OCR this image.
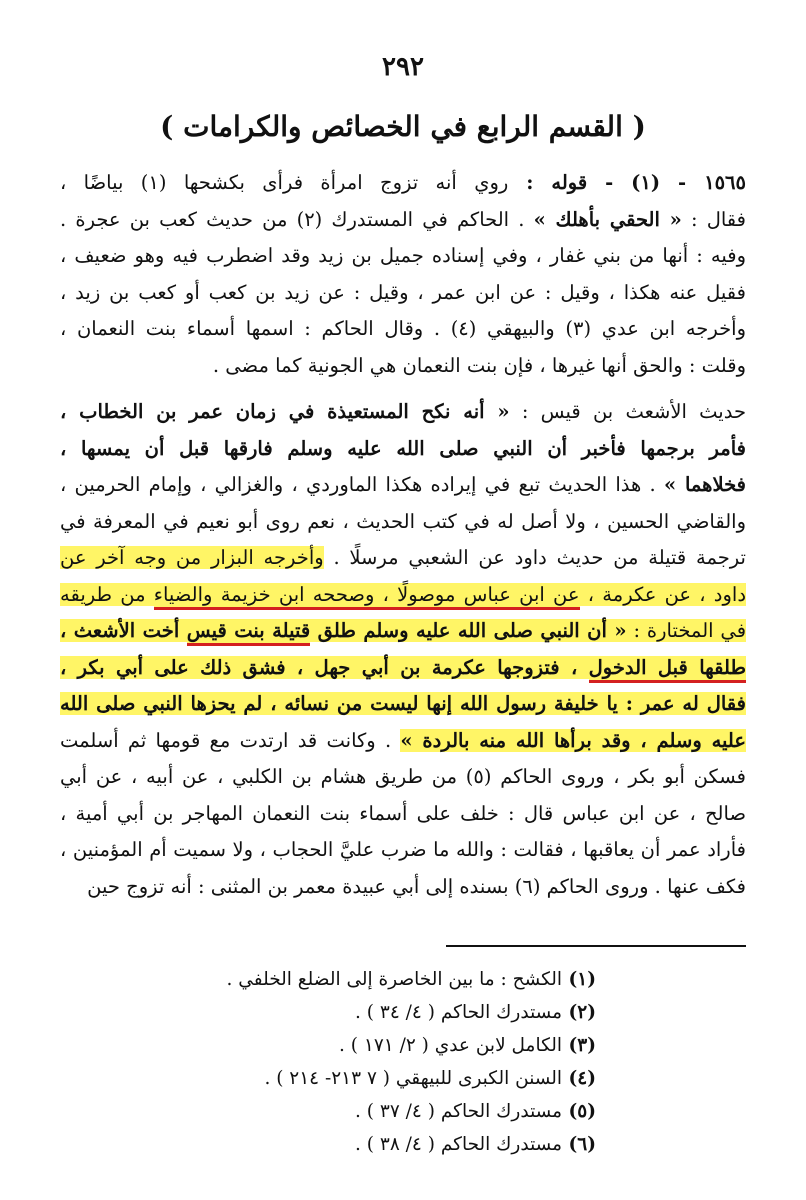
٢٩٢
( القسم الرابع في الخصائص والكرامات )
١٥٦٥ - (١) - قوله : روي أنه تزوج امرأة فرأى بكشحها (١) بياضًا ،
فقال : « الحقي بأهلك » . الحاكم في المستدرك (٢) من حديث كعب بن عجرة .
وفيه : أنها من بني غفار ، وفي إسناده جميل بن زيد وقد اضطرب فيه وهو ضعيف ،
فقيل عنه هكذا ، وقيل : عن ابن عمر ، وقيل : عن زيد بن كعب أو كعب بن زيد ،
وأخرجه ابن عدي (٣) والبيهقي (٤) . وقال الحاكم : اسمها أسماء بنت النعمان ،
وقلت : والحق أنها غيرها ، فإن بنت النعمان هي الجونية كما مضى .
حديث الأشعث بن قيس : « أنه نكح المستعيذة في زمان عمر بن الخطاب ،
فأمر برجمها فأخبر أن النبي صلى الله عليه وسلم فارقها قبل أن يمسها ،
فخلاهما » . هذا الحديث تبع في إيراده هكذا الماوردي ، والغزالي ، وإمام الحرمين ،
والقاضي الحسين ، ولا أصل له في كتب الحديث ، نعم روى أبو نعيم في المعرفة في
ترجمة قتيلة من حديث داود عن الشعبي مرسلًا . وأخرجه البزار من وجه آخر عن
داود ، عن عكرمة ، عن ابن عباس موصولًا ، وصححه ابن خزيمة والضياء من طريقه
في المختارة : « أن النبي صلى الله عليه وسلم طلق قتيلة بنت قيس أخت الأشعث ،
طلقها قبل الدخول ، فتزوجها عكرمة بن أبي جهل ، فشق ذلك على أبي بكر ،
فقال له عمر : يا خليفة رسول الله إنها ليست من نسائه ، لم يحزها النبي صلى الله
عليه وسلم ، وقد برأها الله منه بالردة » . وكانت قد ارتدت مع قومها ثم أسلمت
فسكن أبو بكر ، وروى الحاكم (٥) من طريق هشام بن الكلبي ، عن أبيه ، عن أبي
صالح ، عن ابن عباس قال : خلف على أسماء بنت النعمان المهاجر بن أبي أمية ،
فأراد عمر أن يعاقبها ، فقالت : والله ما ضرب عليَّ الحجاب ، ولا سميت أم المؤمنين ،
فكف عنها . وروى الحاكم (٦) بسنده إلى أبي عبيدة معمر بن المثنى : أنه تزوج حين
(١) الكشح : ما بين الخاصرة إلى الضلع الخلفي .
(٢) مستدرك الحاكم ( ٤/ ٣٤ ) .
(٣) الكامل لابن عدي ( ٢/ ١٧١ ) .
(٤) السنن الكبرى للبيهقي ( ٧ ٢١٣- ٢١٤ ) .
(٥) مستدرك الحاكم ( ٤/ ٣٧ ) .
(٦) مستدرك الحاكم ( ٤/ ٣٨ ) .
